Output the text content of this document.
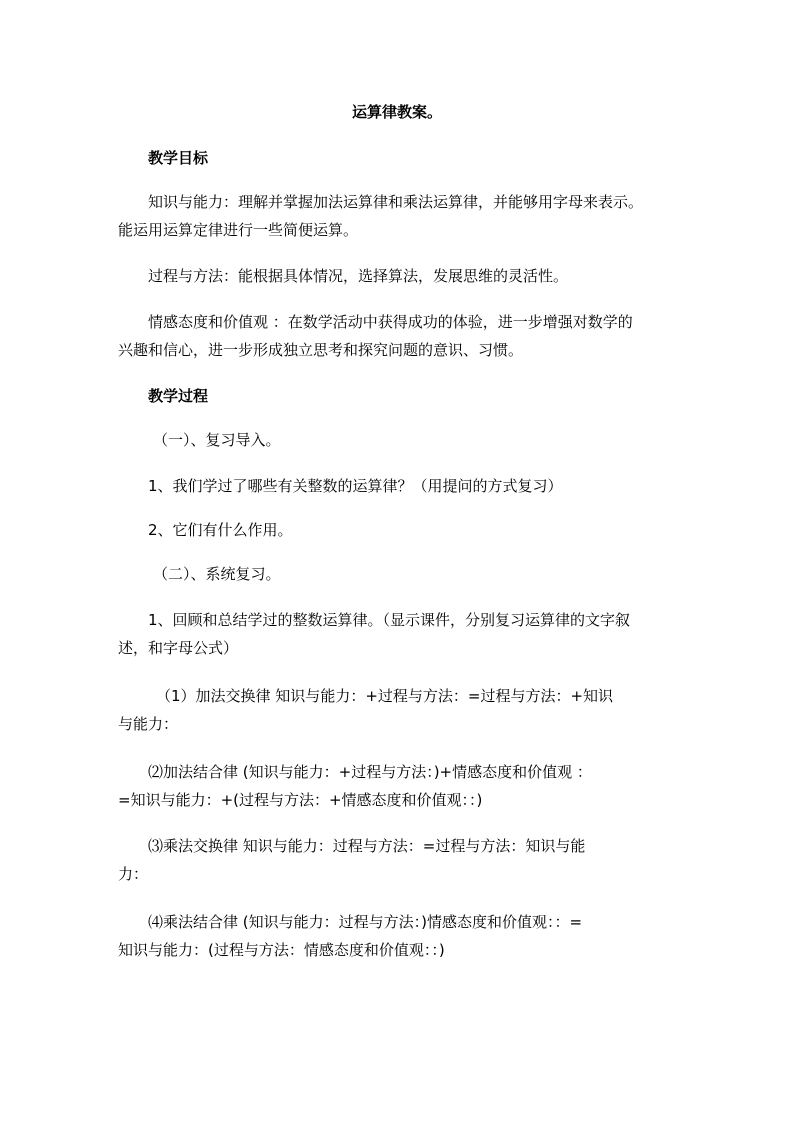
运算律教案。
教学目标
知识与能力：理解并掌握加法运算律和乘法运算律，并能够用字母来表示。
能运用运算定律进行一些简便运算。
过程与方法：能根据具体情况，选择算法，发展思维的灵活性。
情感态度和价值观 ：在数学活动中获得成功的体验，进一步增强对数学的
兴趣和信心，进一步形成独立思考和探究问题的意识、习惯。
教学过程
（一）、复习导入。
1、我们学过了哪些有关整数的运算律？（用提问的方式复习）
2、它们有什么作用。
（二）、系统复习。
1、回顾和总结学过的整数运算律。（显示课件，分别复习运算律的文字叙
述，和字母公式）
（1）加法交换律 知识与能力：+过程与方法：=过程与方法：+知识
与能力：
⑵加法结合律 (知识与能力：+过程与方法：)+情感态度和价值观 ：
=知识与能力：+(过程与方法：+情感态度和价值观：：)
⑶乘法交换律 知识与能力：过程与方法：=过程与方法：知识与能
力：
⑷乘法结合律 (知识与能力：过程与方法：)情感态度和价值观：：=
知识与能力：(过程与方法：情感态度和价值观：：)
